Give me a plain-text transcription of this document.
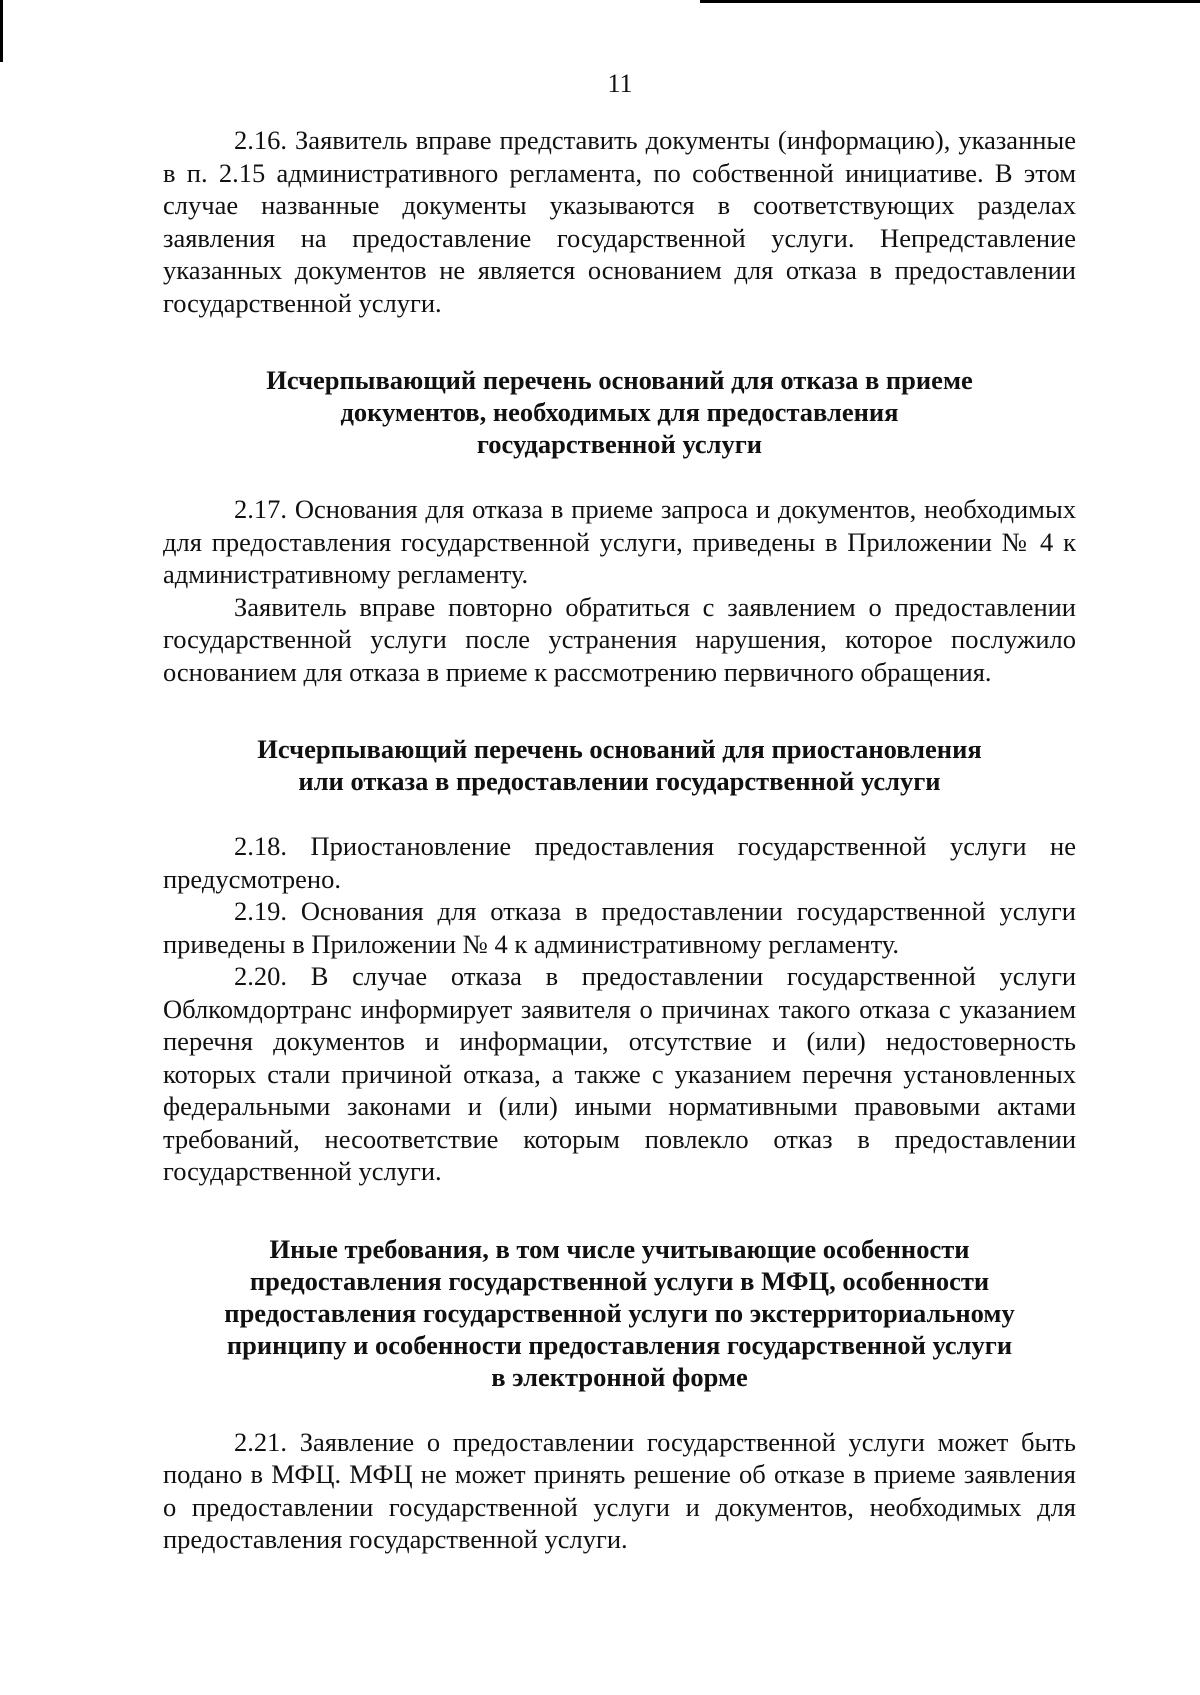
11

2.16. Заявитель вправе представить документы (информацию), указанные в п. 2.15 административного регламента, по собственной инициативе. В этом случае названные документы указываются в соответствующих разделах заявления на предоставление государственной услуги. Непредставление указанных документов не является основанием для отказа в предоставлении государственной услуги.

Исчерпывающий перечень оснований для отказа в приеме
документов, необходимых для предоставления
государственной услуги

2.17. Основания для отказа в приеме запроса и документов, необходимых для предоставления государственной услуги, приведены в Приложении № 4 к административному регламенту.

Заявитель вправе повторно обратиться с заявлением о предоставлении государственной услуги после устранения нарушения, которое послужило основанием для отказа в приеме к рассмотрению первичного обращения.

Исчерпывающий перечень оснований для приостановления
или отказа в предоставлении государственной услуги

2.18. Приостановление предоставления государственной услуги не предусмотрено.

2.19. Основания для отказа в предоставлении государственной услуги приведены в Приложении № 4 к административному регламенту.

2.20. В случае отказа в предоставлении государственной услуги Облкомдортранс информирует заявителя о причинах такого отказа с указанием перечня документов и информации, отсутствие и (или) недостоверность которых стали причиной отказа, а также с указанием перечня установленных федеральными законами и (или) иными нормативными правовыми актами требований, несоответствие которым повлекло отказ в предоставлении государственной услуги.

Иные требования, в том числе учитывающие особенности
предоставления государственной услуги в МФЦ, особенности
предоставления государственной услуги по экстерриториальному
принципу и особенности предоставления государственной услуги
в электронной форме

2.21. Заявление о предоставлении государственной услуги может быть подано в МФЦ. МФЦ не может принять решение об отказе в приеме заявления о предоставлении государственной услуги и документов, необходимых для предоставления государственной услуги.
